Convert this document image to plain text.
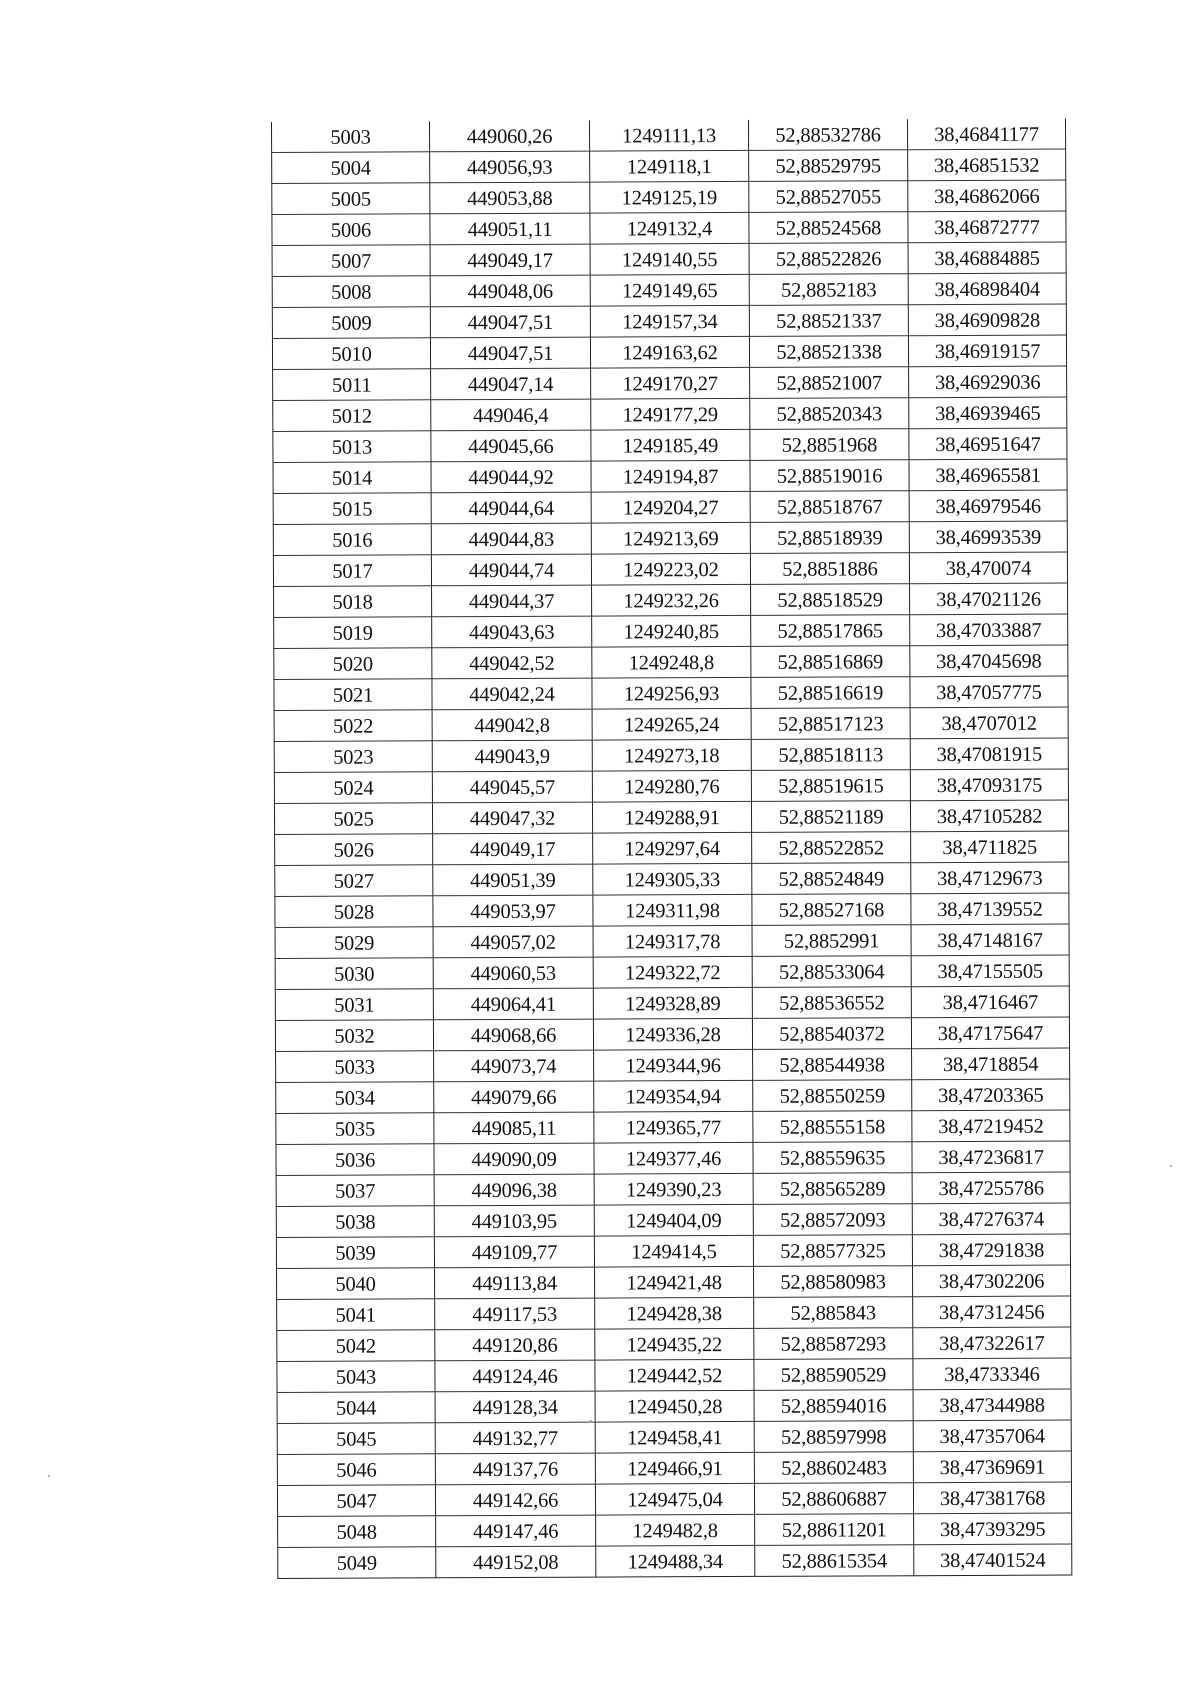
5003	449060,26	1249111,13	52,88532786	38,46841177
5004	449056,93	1249118,1	52,88529795	38,46851532
5005	449053,88	1249125,19	52,88527055	38,46862066
5006	449051,11	1249132,4	52,88524568	38,46872777
5007	449049,17	1249140,55	52,88522826	38,46884885
5008	449048,06	1249149,65	52,8852183	38,46898404
5009	449047,51	1249157,34	52,88521337	38,46909828
5010	449047,51	1249163,62	52,88521338	38,46919157
5011	449047,14	1249170,27	52,88521007	38,46929036
5012	449046,4	1249177,29	52,88520343	38,46939465
5013	449045,66	1249185,49	52,8851968	38,46951647
5014	449044,92	1249194,87	52,88519016	38,46965581
5015	449044,64	1249204,27	52,88518767	38,46979546
5016	449044,83	1249213,69	52,88518939	38,46993539
5017	449044,74	1249223,02	52,8851886	38,470074
5018	449044,37	1249232,26	52,88518529	38,47021126
5019	449043,63	1249240,85	52,88517865	38,47033887
5020	449042,52	1249248,8	52,88516869	38,47045698
5021	449042,24	1249256,93	52,88516619	38,47057775
5022	449042,8	1249265,24	52,88517123	38,4707012
5023	449043,9	1249273,18	52,88518113	38,47081915
5024	449045,57	1249280,76	52,88519615	38,47093175
5025	449047,32	1249288,91	52,88521189	38,47105282
5026	449049,17	1249297,64	52,88522852	38,4711825
5027	449051,39	1249305,33	52,88524849	38,47129673
5028	449053,97	1249311,98	52,88527168	38,47139552
5029	449057,02	1249317,78	52,8852991	38,47148167
5030	449060,53	1249322,72	52,88533064	38,47155505
5031	449064,41	1249328,89	52,88536552	38,4716467
5032	449068,66	1249336,28	52,88540372	38,47175647
5033	449073,74	1249344,96	52,88544938	38,4718854
5034	449079,66	1249354,94	52,88550259	38,47203365
5035	449085,11	1249365,77	52,88555158	38,47219452
5036	449090,09	1249377,46	52,88559635	38,47236817
5037	449096,38	1249390,23	52,88565289	38,47255786
5038	449103,95	1249404,09	52,88572093	38,47276374
5039	449109,77	1249414,5	52,88577325	38,47291838
5040	449113,84	1249421,48	52,88580983	38,47302206
5041	449117,53	1249428,38	52,885843	38,47312456
5042	449120,86	1249435,22	52,88587293	38,47322617
5043	449124,46	1249442,52	52,88590529	38,4733346
5044	449128,34	1249450,28	52,88594016	38,47344988
5045	449132,77	1249458,41	52,88597998	38,47357064
5046	449137,76	1249466,91	52,88602483	38,47369691
5047	449142,66	1249475,04	52,88606887	38,47381768
5048	449147,46	1249482,8	52,88611201	38,47393295
5049	449152,08	1249488,34	52,88615354	38,47401524
